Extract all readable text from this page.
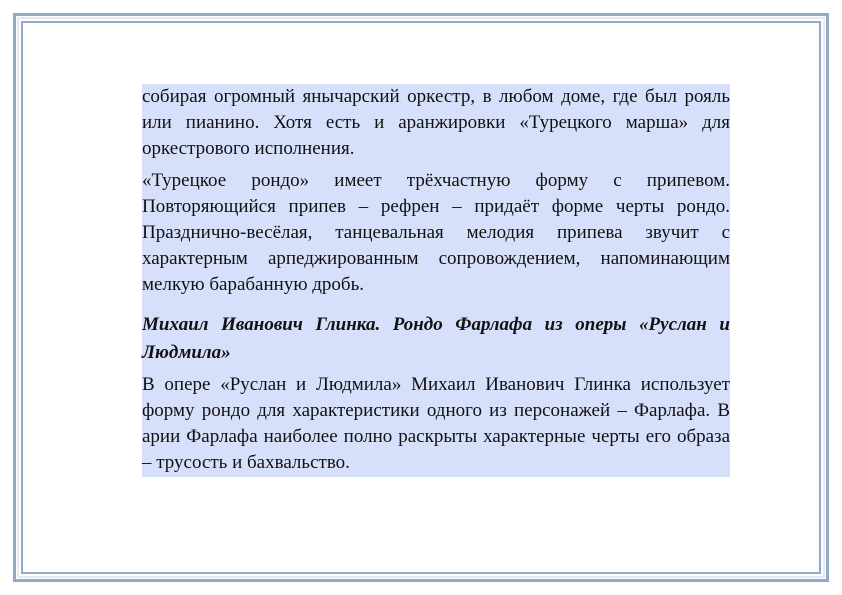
собирая огромный янычарский оркестр, в любом доме, где был рояль или пианино. Хотя есть и аранжировки «Турецкого марша» для оркестрового исполнения.

«Турецкое рондо» имеет трёхчастную форму с припевом. Повторяющийся припев – рефрен – придаёт форме черты рондо. Празднично-весёлая, танцевальная мелодия припева звучит с характерным арпеджированным сопровождением, напоминающим мелкую барабанную дробь.

Михаил Иванович Глинка. Рондо Фарлафа из оперы «Руслан и Людмила»

В опере «Руслан и Людмила» Михаил Иванович Глинка использует форму рондо для характеристики одного из персонажей – Фарлафа. В арии Фарлафа наиболее полно раскрыты характерные черты его образа – трусость и бахвальство.
